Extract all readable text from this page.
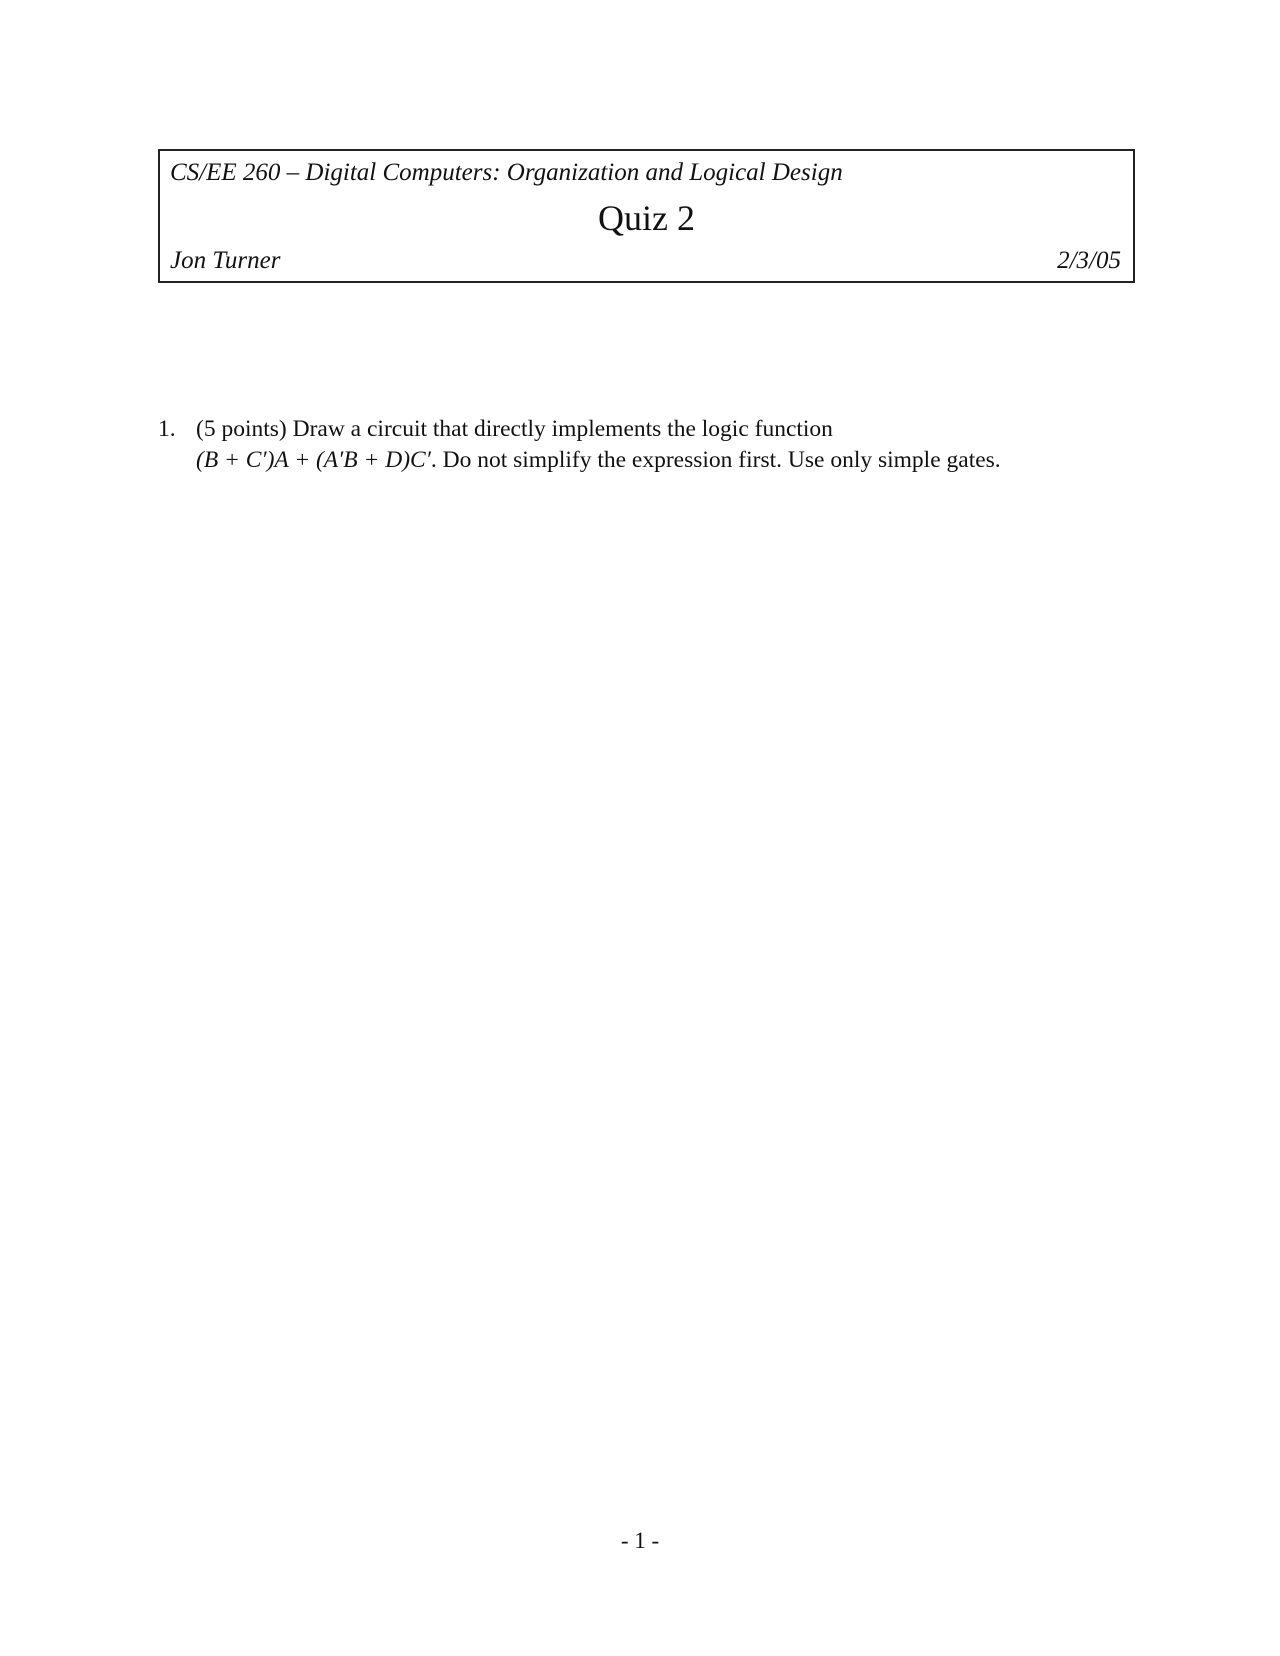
CS/EE 260 – Digital Computers: Organization and Logical Design
Quiz 2
Jon Turner	2/3/05
1. (5 points) Draw a circuit that directly implements the logic function
(B + C′)A + (A′B + D)C′. Do not simplify the expression first. Use only simple gates.
- 1 -
